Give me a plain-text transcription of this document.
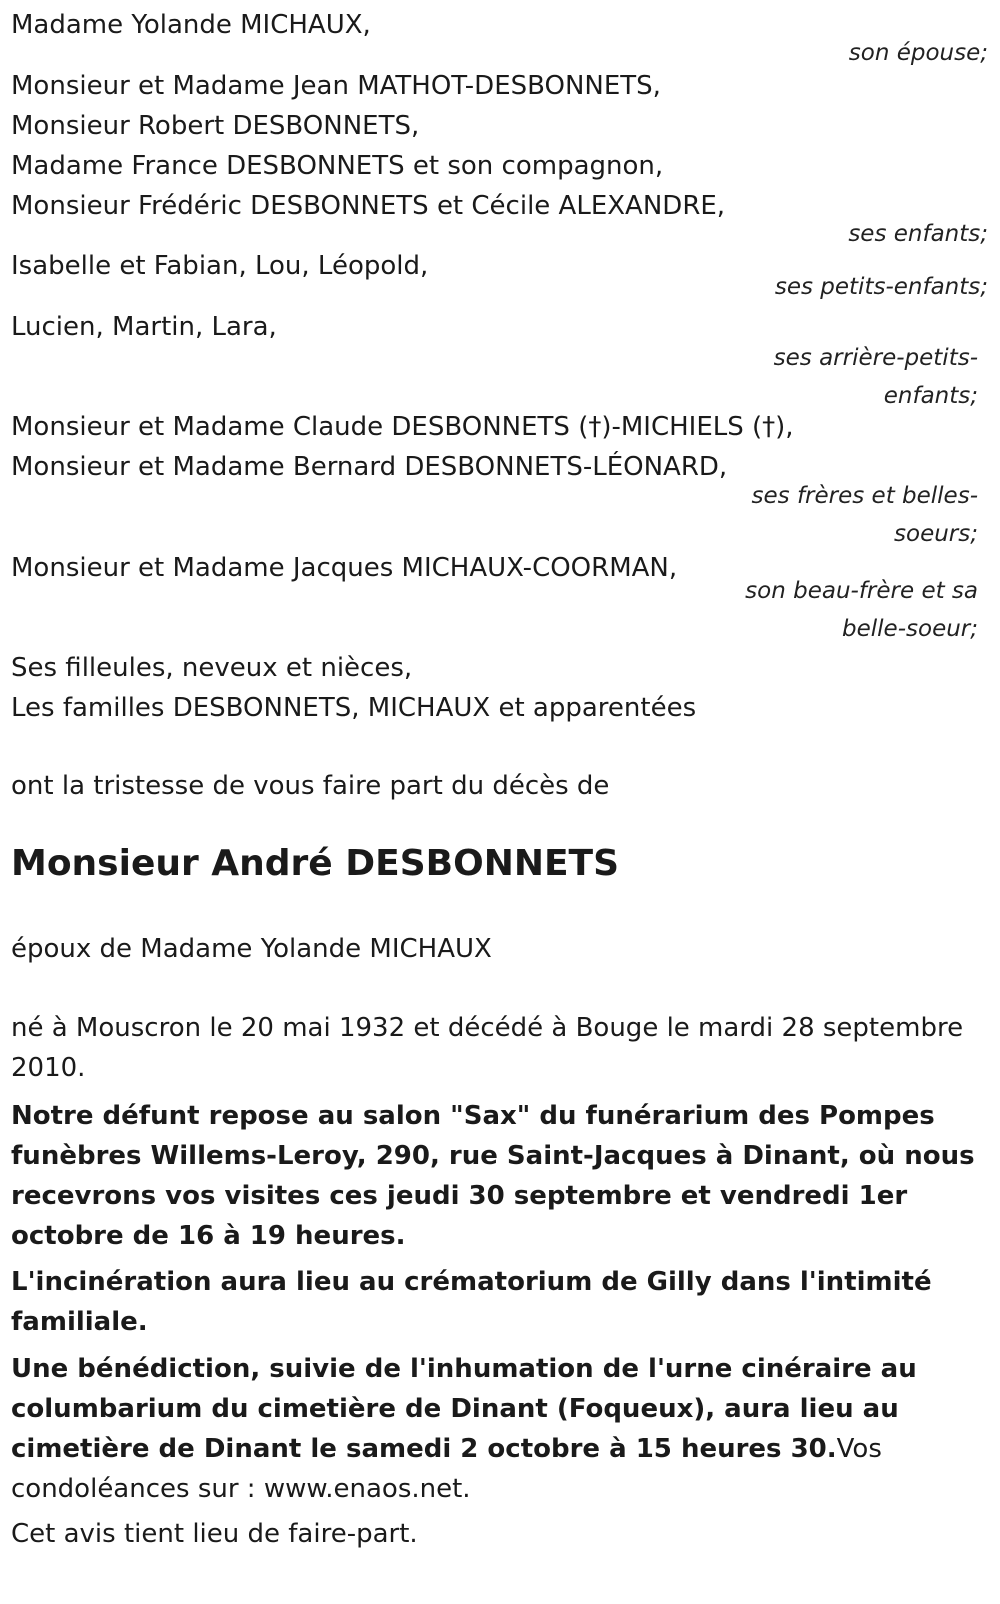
Madame Yolande MICHAUX,

son épouse;

Monsieur et Madame Jean MATHOT-DESBONNETS,

Monsieur Robert DESBONNETS,

Madame France DESBONNETS et son compagnon,

Monsieur Frédéric DESBONNETS et Cécile ALEXANDRE,

ses enfants;

Isabelle et Fabian, Lou, Léopold,

ses petits-enfants;

Lucien, Martin, Lara,

ses arrière-petits-enfants;

Monsieur et Madame Claude DESBONNETS (†)-MICHIELS (†),

Monsieur et Madame Bernard DESBONNETS-LÉONARD,

ses frères et belles-soeurs;

Monsieur et Madame Jacques MICHAUX-COORMAN,

son beau-frère et sa belle-soeur;

Ses filleules, neveux et nièces,

Les familles DESBONNETS, MICHAUX et apparentées

ont la tristesse de vous faire part du décès de

Monsieur André DESBONNETS

époux de Madame Yolande MICHAUX

né à Mouscron le 20 mai 1932 et décédé à Bouge le mardi 28 septembre 2010.

Notre défunt repose au salon "Sax" du funérarium des Pompes funèbres Willems-Leroy, 290, rue Saint-Jacques à Dinant, où nous recevrons vos visites ces jeudi 30 septembre et vendredi 1er octobre de 16 à 19 heures.

L'incinération aura lieu au crématorium de Gilly dans l'intimité familiale.

Une bénédiction, suivie de l'inhumation de l'urne cinéraire au columbarium du cimetière de Dinant (Foqueux), aura lieu au cimetière de Dinant le samedi 2 octobre à 15 heures 30.Vos condoléances sur : www.enaos.net.

Cet avis tient lieu de faire-part.
